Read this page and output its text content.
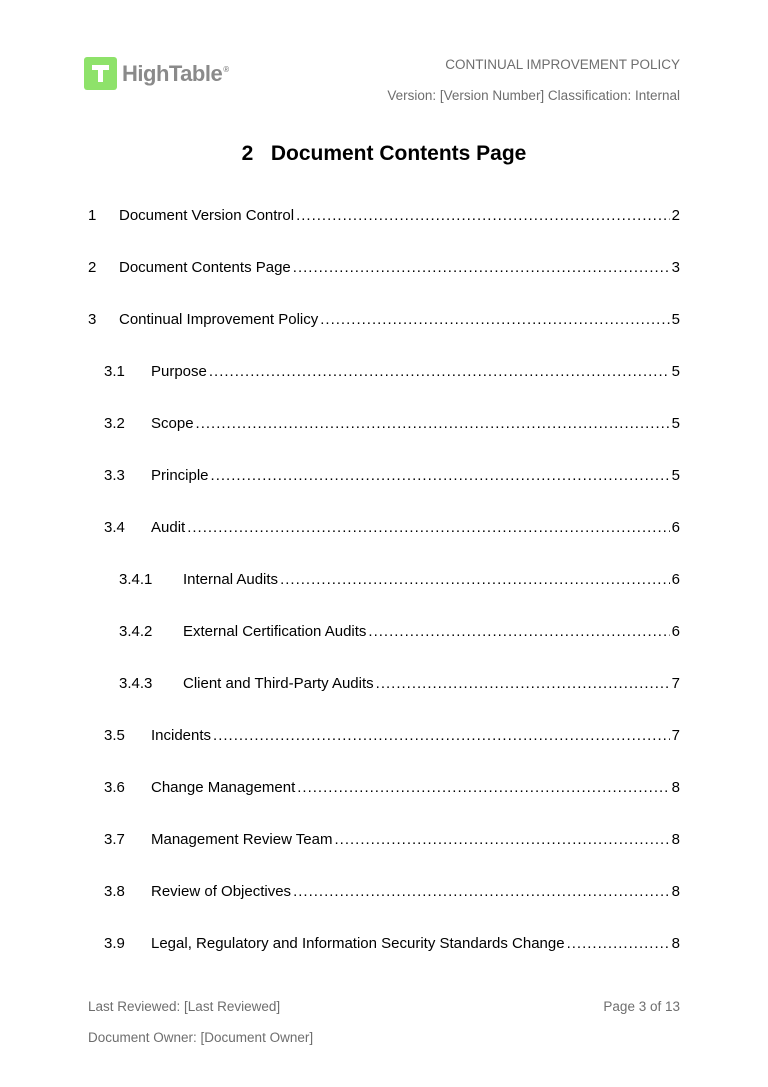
HighTable®	CONTINUAL IMPROVEMENT POLICY
Version: [Version Number] Classification: Internal
2   Document Contents Page
1	Document Version Control .....	2
2	Document Contents Page .....	3
3	Continual Improvement Policy .....	5
3.1	Purpose .....	5
3.2	Scope .....	5
3.3	Principle .....	5
3.4	Audit .....	6
3.4.1	Internal Audits .....	6
3.4.2	External Certification Audits .....	6
3.4.3	Client and Third-Party Audits .....	7
3.5	Incidents .....	7
3.6	Change Management .....	8
3.7	Management Review Team .....	8
3.8	Review of Objectives .....	8
3.9	Legal, Regulatory and Information Security Standards Change .....	8
Last Reviewed: [Last Reviewed]	Page 3 of 13
Document Owner: [Document Owner]
